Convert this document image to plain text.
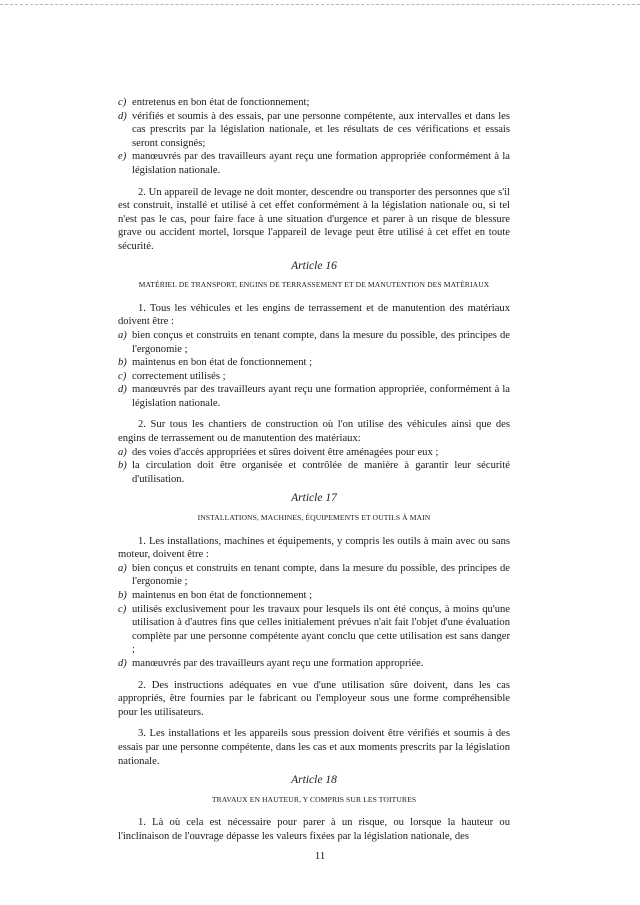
c) entretenus en bon état de fonctionnement;
d) vérifiés et soumis à des essais, par une personne compétente, aux intervalles et dans les cas prescrits par la législation nationale, et les résultats de ces vérifications et essais seront consignés;
e) manœuvrés par des travailleurs ayant reçu une formation appropriée conformément à la législation nationale.

2. Un appareil de levage ne doit monter, descendre ou transporter des personnes que s'il est construit, installé et utilisé à cet effet conformément à la législation nationale ou, si tel n'est pas le cas, pour faire face à une situation d'urgence et parer à un risque de blessure grave ou accident mortel, lorsque l'appareil de levage peut être utilisé à cet effet en toute sécurité.

Article 16
MATÉRIEL DE TRANSPORT, ENGINS DE TERRASSEMENT ET DE MANUTENTION DES MATÉRIAUX

1. Tous les véhicules et les engins de terrassement et de manutention des matériaux doivent être :

a) bien conçus et construits en tenant compte, dans la mesure du possible, des principes de l'ergonomie ;
b) maintenus en bon état de fonctionnement ;
c) correctement utilisés ;
d) manœuvrés par des travailleurs ayant reçu une formation appropriée, conformément à la législation nationale.

2. Sur tous les chantiers de construction où l'on utilise des véhicules ainsi que des engins de terrassement ou de manutention des matériaux:

a) des voies d'accès appropriées et sûres doivent être aménagées pour eux ;
b) la circulation doit être organisée et contrôlée de manière à garantir leur sécurité d'utilisation.
Article 17
INSTALLATIONS, MACHINES, ÉQUIPEMENTS ET OUTILS À MAIN

1. Les installations, machines et équipements, y compris les outils à main avec ou sans moteur, doivent être :

a) bien conçus et construits en tenant compte, dans la mesure du possible, des principes de l'ergonomie ;
b) maintenus en bon état de fonctionnement ;
c) utilisés exclusivement pour les travaux pour lesquels ils ont été conçus, à moins qu'une utilisation à d'autres fins que celles initialement prévues n'ait fait l'objet d'une évaluation complète par une personne compétente ayant conclu que cette utilisation est sans danger ;
d) manœuvrés par des travailleurs ayant reçu une formation appropriée.

2. Des instructions adéquates en vue d'une utilisation sûre doivent, dans les cas appropriés, être fournies par le fabricant ou l'employeur sous une forme compréhensible pour les utilisateurs.

3. Les installations et les appareils sous pression doivent être vérifiés et soumis à des essais par une personne compétente, dans les cas et aux moments prescrits par la législation nationale.

Article 18
TRAVAUX EN HAUTEUR, Y COMPRIS SUR LES TOITURES

1. Là où cela est nécessaire pour parer à un risque, ou lorsque la hauteur ou l'inclinaison de l'ouvrage dépasse les valeurs fixées par la législation nationale, des

11
